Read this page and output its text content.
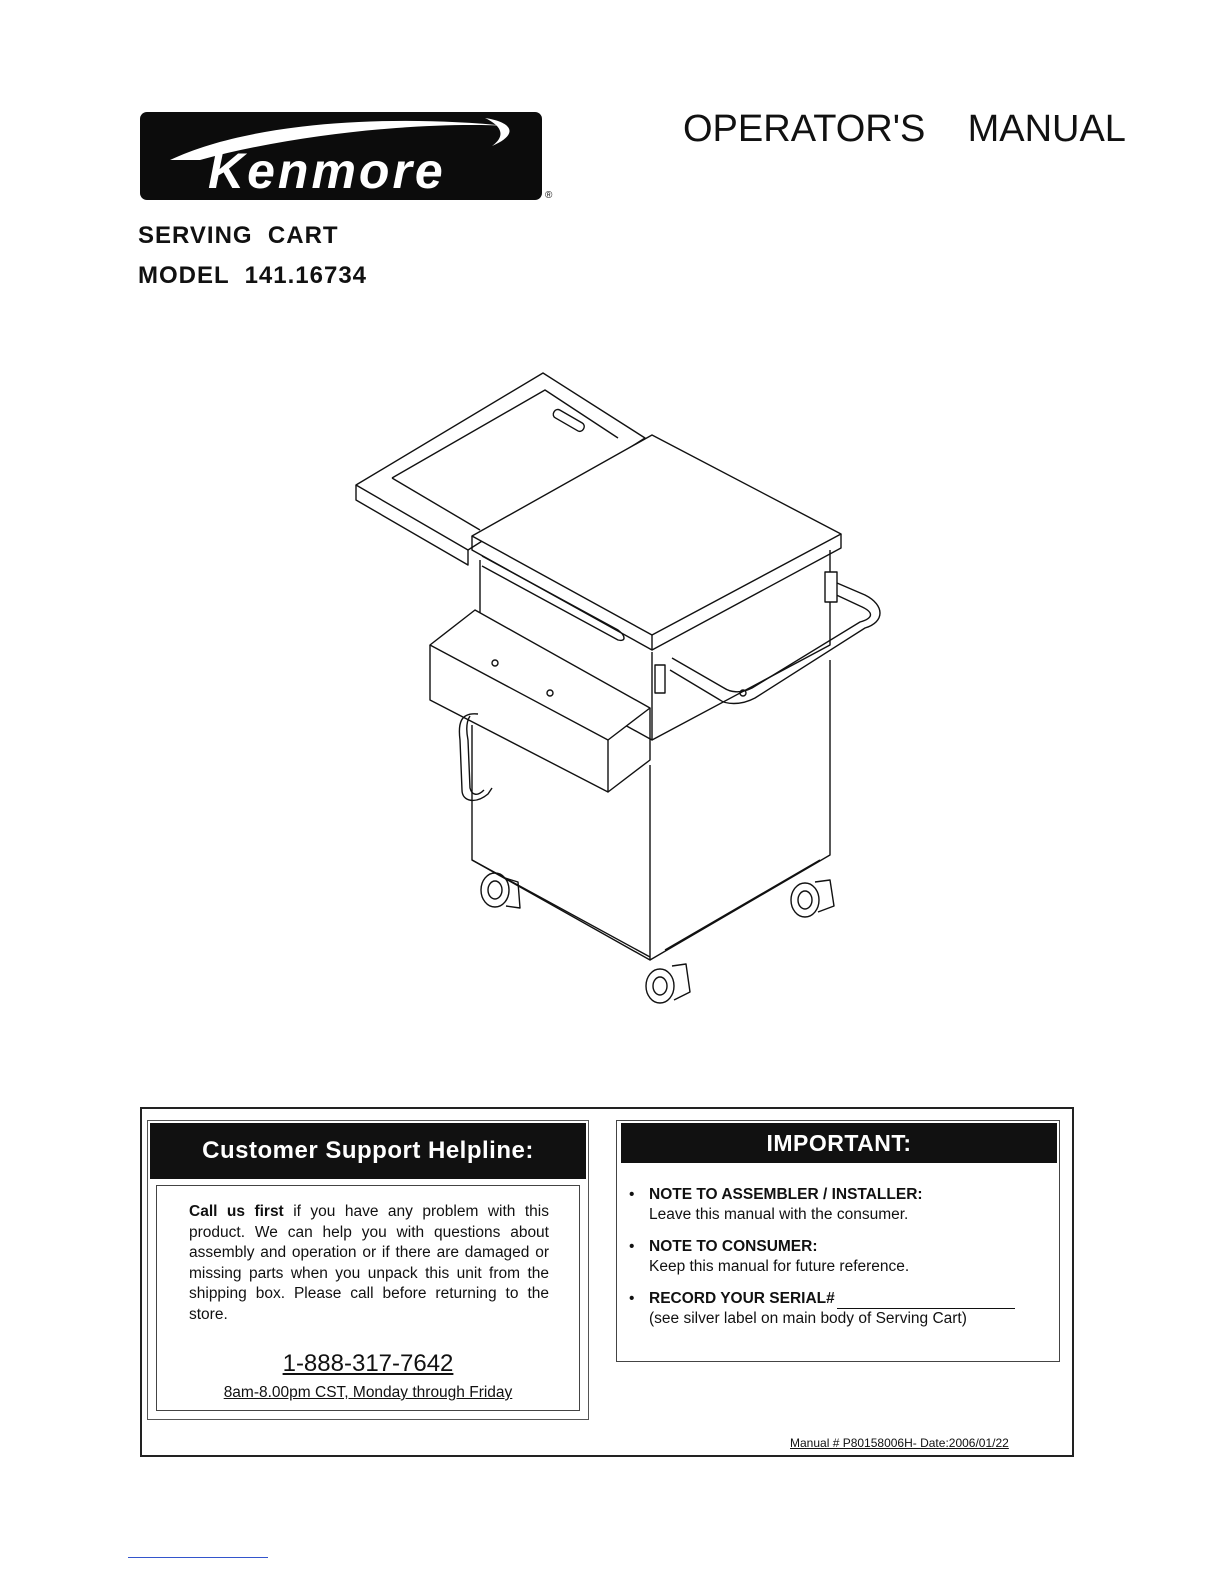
Kenmore	®
OPERATOR'S    MANUAL
SERVING  CART
MODEL  141.16734
Customer Support Helpline:
Call us first if you have any problem with this product. We can help you with questions about assembly and operation or if there are damaged or missing parts when you unpack this unit from the shipping box. Please call before returning to the store.
1-888-317-7642
8am-8.00pm CST, Monday through Friday
IMPORTANT:
• NOTE TO ASSEMBLER / INSTALLER:
Leave this manual with the consumer.
• NOTE TO CONSUMER:
Keep this manual for future reference.
• RECORD YOUR SERIAL#
(see silver label on main body of Serving Cart)
Manual # P80158006H- Date:2006/01/22
